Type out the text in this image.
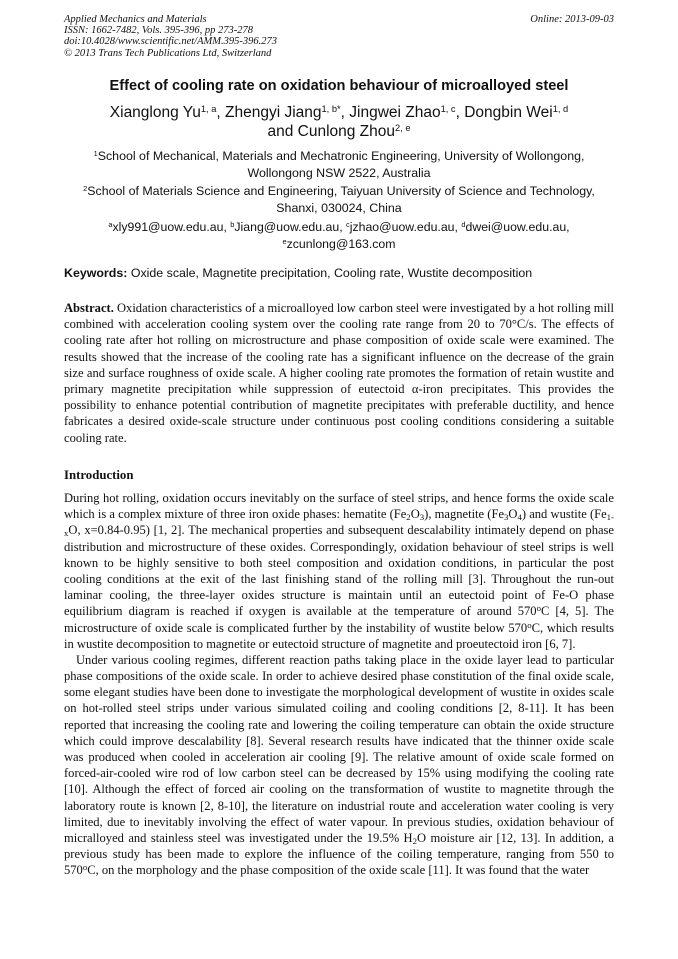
Applied Mechanics and Materials
ISSN: 1662-7482, Vols. 395-396, pp 273-278
doi:10.4028/www.scientific.net/AMM.395-396.273
© 2013 Trans Tech Publications Ltd, Switzerland
Online: 2013-09-03
Effect of cooling rate on oxidation behaviour of microalloyed steel
Xianglong Yu$^{1, a}$, Zhengyi Jiang$^{1, b*}$, Jingwei Zhao$^{1, c}$, Dongbin Wei$^{1, d}$
and Cunlong Zhou$^{2, e}$
$^1$School of Mechanical, Materials and Mechatronic Engineering, University of Wollongong,
Wollongong NSW 2522, Australia
$^2$School of Materials Science and Engineering, Taiyuan University of Science and Technology,
Shanxi, 030024, China
$^a$xly991@uow.edu.au, $^b$Jiang@uow.edu.au, $^c$jzhao@uow.edu.au, $^d$dwei@uow.edu.au,
$^e$zcunlong@163.com
Keywords: Oxide scale, Magnetite precipitation, Cooling rate, Wustite decomposition
Abstract. Oxidation characteristics of a microalloyed low carbon steel were investigated by a hot rolling mill combined with acceleration cooling system over the cooling rate range from 20 to 70°C/s. The effects of cooling rate after hot rolling on microstructure and phase composition of oxide scale were examined. The results showed that the increase of the cooling rate has a significant influence on the decrease of the grain size and surface roughness of oxide scale. A higher cooling rate promotes the formation of retain wustite and primary magnetite precipitation while suppression of eutectoid α-iron precipitates. This provides the possibility to enhance potential contribution of magnetite precipitates with preferable ductility, and hence fabricates a desired oxide-scale structure under continuous post cooling conditions considering a suitable cooling rate.
Introduction

During hot rolling, oxidation occurs inevitably on the surface of steel strips, and hence forms the oxide scale which is a complex mixture of three iron oxide phases: hematite $(Fe_2O_3)$, magnetite $(Fe_3O_4)$ and wustite ($Fe_{1-x}O$, x=0.84-0.95) [1, 2]. The mechanical properties and subsequent descalability intimately depend on phase distribution and microstructure of these oxides. Correspondingly, oxidation behaviour of steel strips is well known to be highly sensitive to both steel composition and oxidation conditions, in particular the post cooling conditions at the exit of the last finishing stand of the rolling mill [3]. Throughout the run-out laminar cooling, the three-layer oxides structure is maintain until an eutectoid point of Fe-O phase equilibrium diagram is reached if oxygen is available at the temperature of around 570$^o$C [4, 5]. The microstructure of oxide scale is complicated further by the instability of wustite below 570$^o$C, which results in wustite decomposition to magnetite or eutectoid structure of magnetite and proeutectoid iron [6, 7].

Under various cooling regimes, different reaction paths taking place in the oxide layer lead to particular phase compositions of the oxide scale. In order to achieve desired phase constitution of the final oxide scale, some elegant studies have been done to investigate the morphological development of wustite in oxides scale on hot-rolled steel strips under various simulated coiling and cooling conditions [2, 8-11]. It has been reported that increasing the cooling rate and lowering the coiling temperature can obtain the oxide structure which could improve descalability [8]. Several research results have indicated that the thinner oxide scale was produced when cooled in acceleration air cooling [9]. The relative amount of oxide scale formed on forced-air-cooled wire rod of low carbon steel can be decreased by 15% using modifying the cooling rate [10]. Although the effect of forced air cooling on the transformation of wustite to magnetite through the laboratory route is known [2, 8-10], the literature on industrial route and acceleration water cooling is very limited, due to inevitably involving the effect of water vapour. In previous studies, oxidation behaviour of micralloyed and stainless steel was investigated under the 19.5% $H_2O$ moisture air [12, 13]. In addition, a previous study has been made to explore the influence of the coiling temperature, ranging from 550 to 570$^o$C, on the morphology and the phase composition of the oxide scale [11]. It was found that the water
